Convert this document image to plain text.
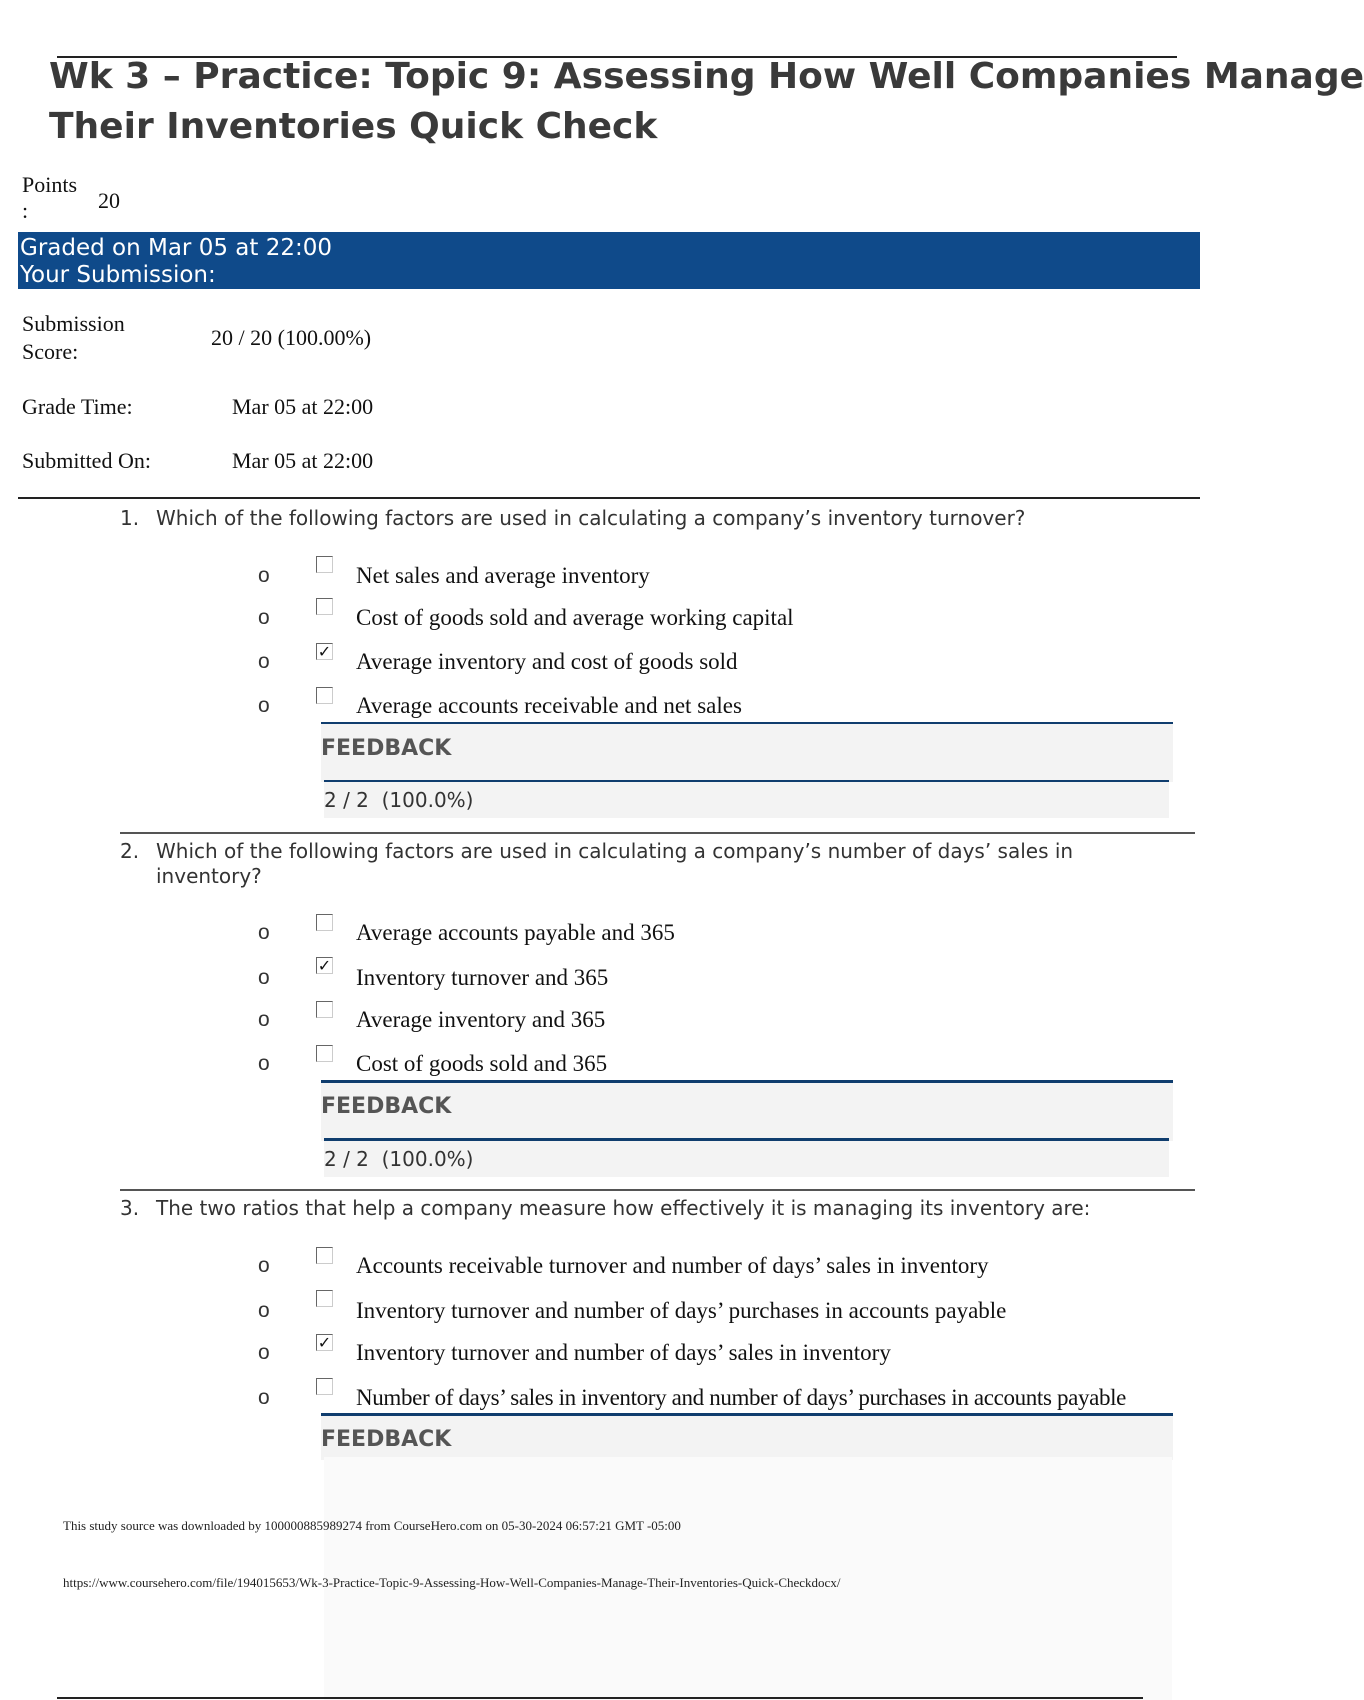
Wk 3 – Practice: Topic 9: Assessing How Well Companies Manage
Their Inventories Quick Check
Points
:	20
Graded on Mar 05 at 22:00
Your Submission:
Submission
Score:
20 / 20 (100.00%)
Grade Time:	Mar 05 at 22:00
Submitted On:	Mar 05 at 22:00
1. Which of the following factors are used in calculating a company’s inventory turnover?
o	Net sales and average inventory
o	Cost of goods sold and average working capital
o	✓ Average inventory and cost of goods sold
o	Average accounts receivable and net sales
FEEDBACK
2 / 2  (100.0%)
2. Which of the following factors are used in calculating a company’s number of days’ sales in inventory?
o	Average accounts payable and 365
o
✓ Inventory turnover and 365
o	Average inventory and 365
o	Cost of goods sold and 365
FEEDBACK
2 / 2  (100.0%)
3. The two ratios that help a company measure how effectively it is managing its inventory are:
o	Accounts receivable turnover and number of days’ sales in inventory
o	Inventory turnover and number of days’ purchases in accounts payable
o	✓ Inventory turnover and number of days’ sales in inventory
o	Number of days’ sales in inventory and number of days’ purchases in accounts payable
FEEDBACK
This study source was downloaded by 100000885989274 from CourseHero.com on 05-30-2024 06:57:21 GMT -05:00
https://www.coursehero.com/file/194015653/Wk-3-Practice-Topic-9-Assessing-How-Well-Companies-Manage-Their-Inventories-Quick-Checkdocx/
